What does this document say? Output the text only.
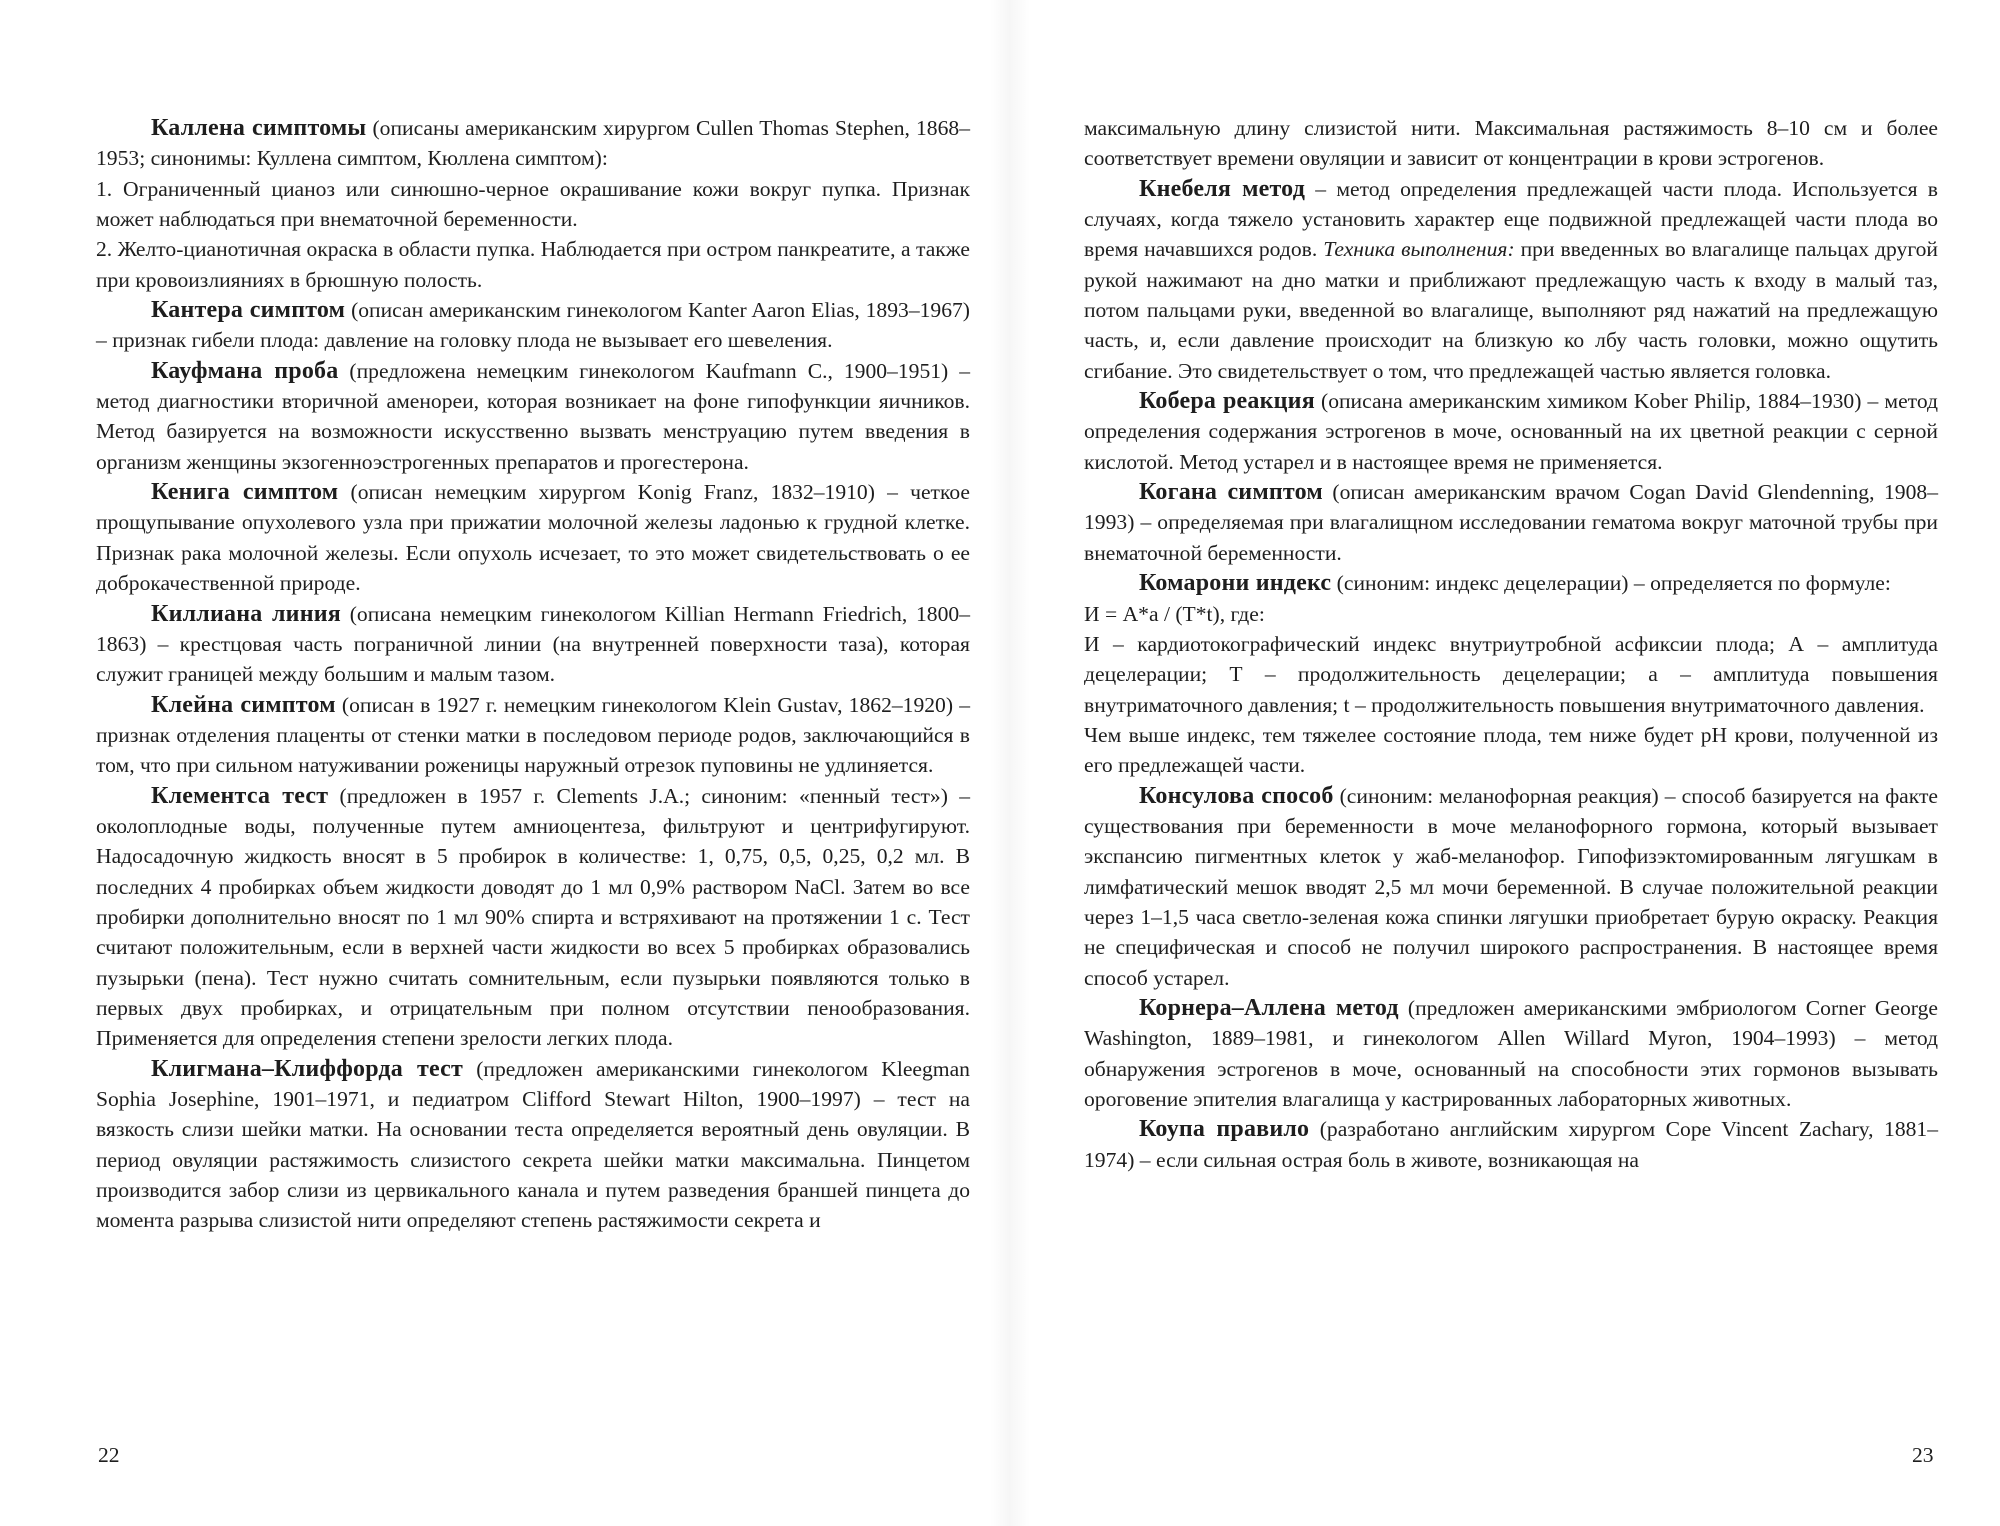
Каллена симптомы (описаны американским хирургом Cullen Thomas Stephen, 1868–1953; синонимы: Куллена симптом, Кюллена симптом):

1. Ограниченный цианоз или синюшно-черное окрашивание кожи вокруг пупка. Признак может наблюдаться при внематочной беременности.

2. Желто-цианотичная окраска в области пупка. Наблюдается при остром панкреатите, а также при кровоизлияниях в брюшную полость.

Кантера симптом (описан американским гинекологом Kanter Aaron Elias, 1893–1967) – признак гибели плода: давление на головку плода не вызывает его шевеления.

Кауфмана проба (предложена немецким гинекологом Kaufmann C., 1900–1951) – метод диагностики вторичной аменореи, которая возникает на фоне гипофункции яичников. Метод базируется на возможности искусственно вызвать менструацию путем введения в организм женщины экзогенноэстрогенных препаратов и прогестерона.

Кенига симптом (описан немецким хирургом Konig Franz, 1832–1910) – четкое прощупывание опухолевого узла при прижатии молочной железы ладонью к грудной клетке. Признак рака молочной железы. Если опухоль исчезает, то это может свидетельствовать о ее доброкачественной природе.

Киллиана линия (описана немецким гинекологом Killian Hermann Friedrich, 1800–1863) – крестцовая часть пограничной линии (на внутренней поверхности таза), которая служит границей между большим и малым тазом.

Клейна симптом (описан в 1927 г. немецким гинекологом Klein Gustav, 1862–1920) – признак отделения плаценты от стенки матки в последовом периоде родов, заключающийся в том, что при сильном натуживании роженицы наружный отрезок пуповины не удлиняется.

Клементса тест (предложен в 1957 г. Clements J.A.; синоним: «пенный тест») – околоплодные воды, полученные путем амниоцентеза, фильтруют и центрифугируют. Надосадочную жидкость вносят в 5 пробирок в количестве: 1, 0,75, 0,5, 0,25, 0,2 мл. В последних 4 пробирках объем жидкости доводят до 1 мл 0,9% раствором NaCl. Затем во все пробирки дополнительно вносят по 1 мл 90% спирта и встряхивают на протяжении 1 с. Тест считают положительным, если в верхней части жидкости во всех 5 пробирках образовались пузырьки (пена). Тест нужно считать сомнительным, если пузырьки появляются только в первых двух пробирках, и отрицательным при полном отсутствии пенообразования. Применяется для определения степени зрелости легких плода.

Клигмана–Клиффорда тест (предложен американскими гинекологом Kleegman Sophia Josephine, 1901–1971, и педиатром Clifford Stewart Hilton, 1900–1997) – тест на вязкость слизи шейки матки. На основании теста определяется вероятный день овуляции. В период овуляции растяжимость слизистого секрета шейки матки максимальна. Пинцетом производится забор слизи из цервикального канала и путем разведения браншей пинцета до момента разрыва слизистой нити определяют степень растяжимости секрета и

максимальную длину слизистой нити. Максимальная растяжимость 8–10 см и более соответствует времени овуляции и зависит от концентрации в крови эстрогенов.

Кнебеля метод – метод определения предлежащей части плода. Используется в случаях, когда тяжело установить характер еще подвижной предлежащей части плода во время начавшихся родов. Техника выполнения: при введенных во влагалище пальцах другой рукой нажимают на дно матки и приближают предлежащую часть к входу в малый таз, потом пальцами руки, введенной во влагалище, выполняют ряд нажатий на предлежащую часть, и, если давление происходит на близкую ко лбу часть головки, можно ощутить сгибание. Это свидетельствует о том, что предлежащей частью является головка.

Кобера реакция (описана американским химиком Kober Philip, 1884–1930) – метод определения содержания эстрогенов в моче, основанный на их цветной реакции с серной кислотой. Метод устарел и в настоящее время не применяется.

Когана симптом (описан американским врачом Cogan David Glendenning, 1908–1993) – определяемая при влагалищном исследовании гематома вокруг маточной трубы при внематочной беременности.

Комарони индекс (синоним: индекс децелерации) – определяется по формуле:

И = A*a / (T*t), где:

И – кардиотокографический индекс внутриутробной асфиксии плода; А – амплитуда децелерации; Т – продолжительность децелерации; а – амплитуда повышения внутриматочного давления; t – продолжительность повышения внутриматочного давления.

Чем выше индекс, тем тяжелее состояние плода, тем ниже будет рН крови, полученной из его предлежащей части.

Консулова способ (синоним: меланофорная реакция) – способ базируется на факте существования при беременности в моче меланофорного гормона, который вызывает экспансию пигментных клеток у жаб-меланофор. Гипофизэктомированным лягушкам в лимфатический мешок вводят 2,5 мл мочи беременной. В случае положительной реакции через 1–1,5 часа светло-зеленая кожа спинки лягушки приобретает бурую окраску. Реакция не специфическая и способ не получил широкого распространения. В настоящее время способ устарел.

Корнера–Аллена метод (предложен американскими эмбриологом Corner George Washington, 1889–1981, и гинекологом Allen Willard Myron, 1904–1993) – метод обнаружения эстрогенов в моче, основанный на способности этих гормонов вызывать ороговение эпителия влагалища у кастрированных лабораторных животных.

Коупа правило (разработано английским хирургом Cope Vincent Zachary, 1881–1974) – если сильная острая боль в животе, возникающая на

22	23
